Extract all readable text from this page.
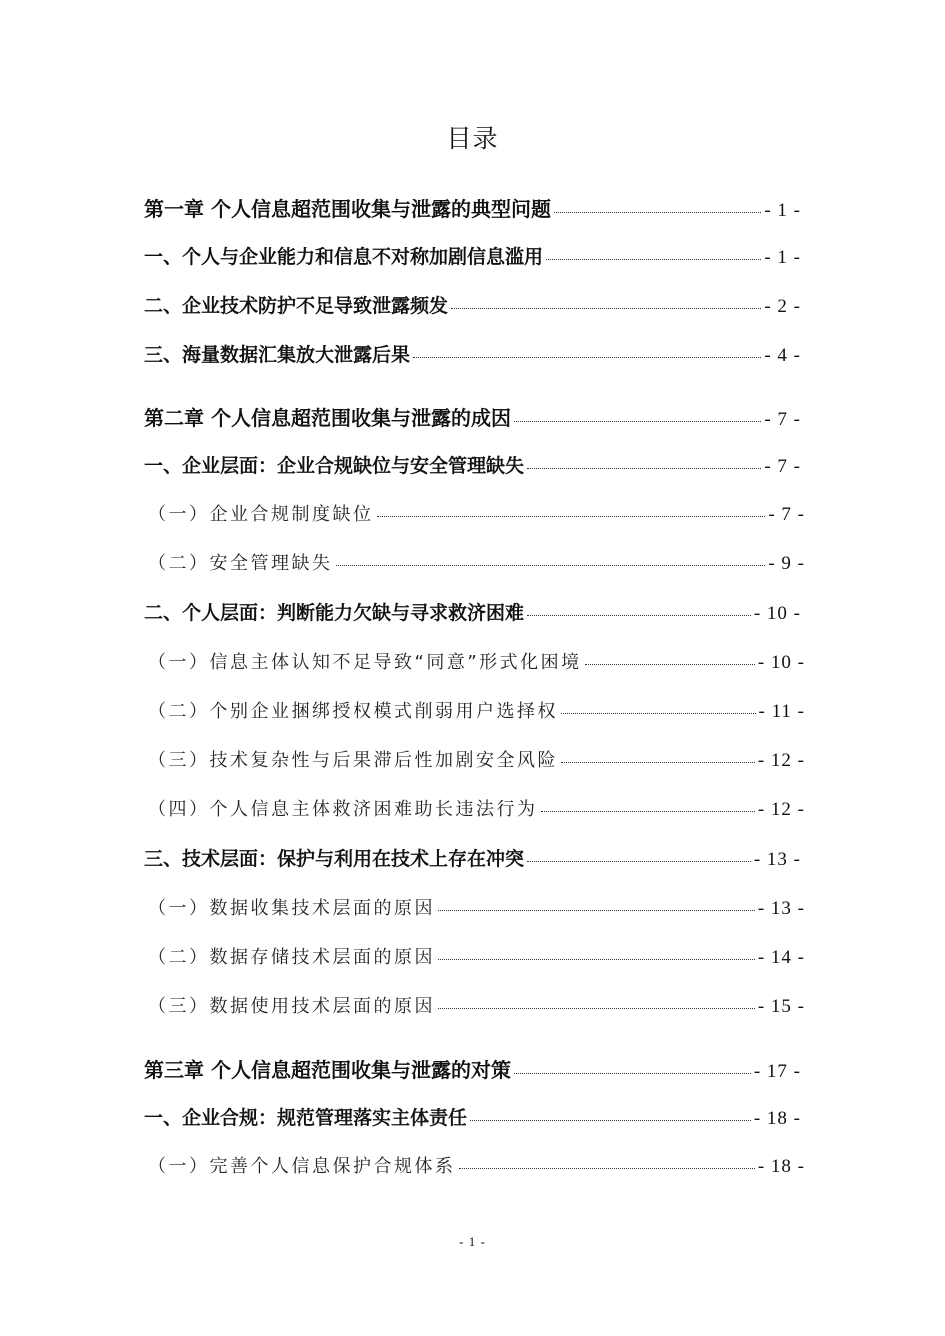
目录
第一章 个人信息超范围收集与泄露的典型问题	- 1 -
一、个人与企业能力和信息不对称加剧信息滥用	- 1 -
二、企业技术防护不足导致泄露频发	- 2 -
三、海量数据汇集放大泄露后果	- 4 -
第二章 个人信息超范围收集与泄露的成因	- 7 -
一、企业层面：企业合规缺位与安全管理缺失	- 7 -
（一）企业合规制度缺位	- 7 -
（二）安全管理缺失	- 9 -
二、个人层面：判断能力欠缺与寻求救济困难	- 10 -
（一）信息主体认知不足导致“同意”形式化困境	- 10 -
（二）个别企业捆绑授权模式削弱用户选择权	- 11 -
（三）技术复杂性与后果滞后性加剧安全风险	- 12 -
（四）个人信息主体救济困难助长违法行为	- 12 -
三、技术层面：保护与利用在技术上存在冲突	- 13 -
（一）数据收集技术层面的原因	- 13 -
（二）数据存储技术层面的原因	- 14 -
（三）数据使用技术层面的原因	- 15 -
第三章 个人信息超范围收集与泄露的对策	- 17 -
一、企业合规：规范管理落实主体责任	- 18 -
（一）完善个人信息保护合规体系	- 18 -
- 1 -
